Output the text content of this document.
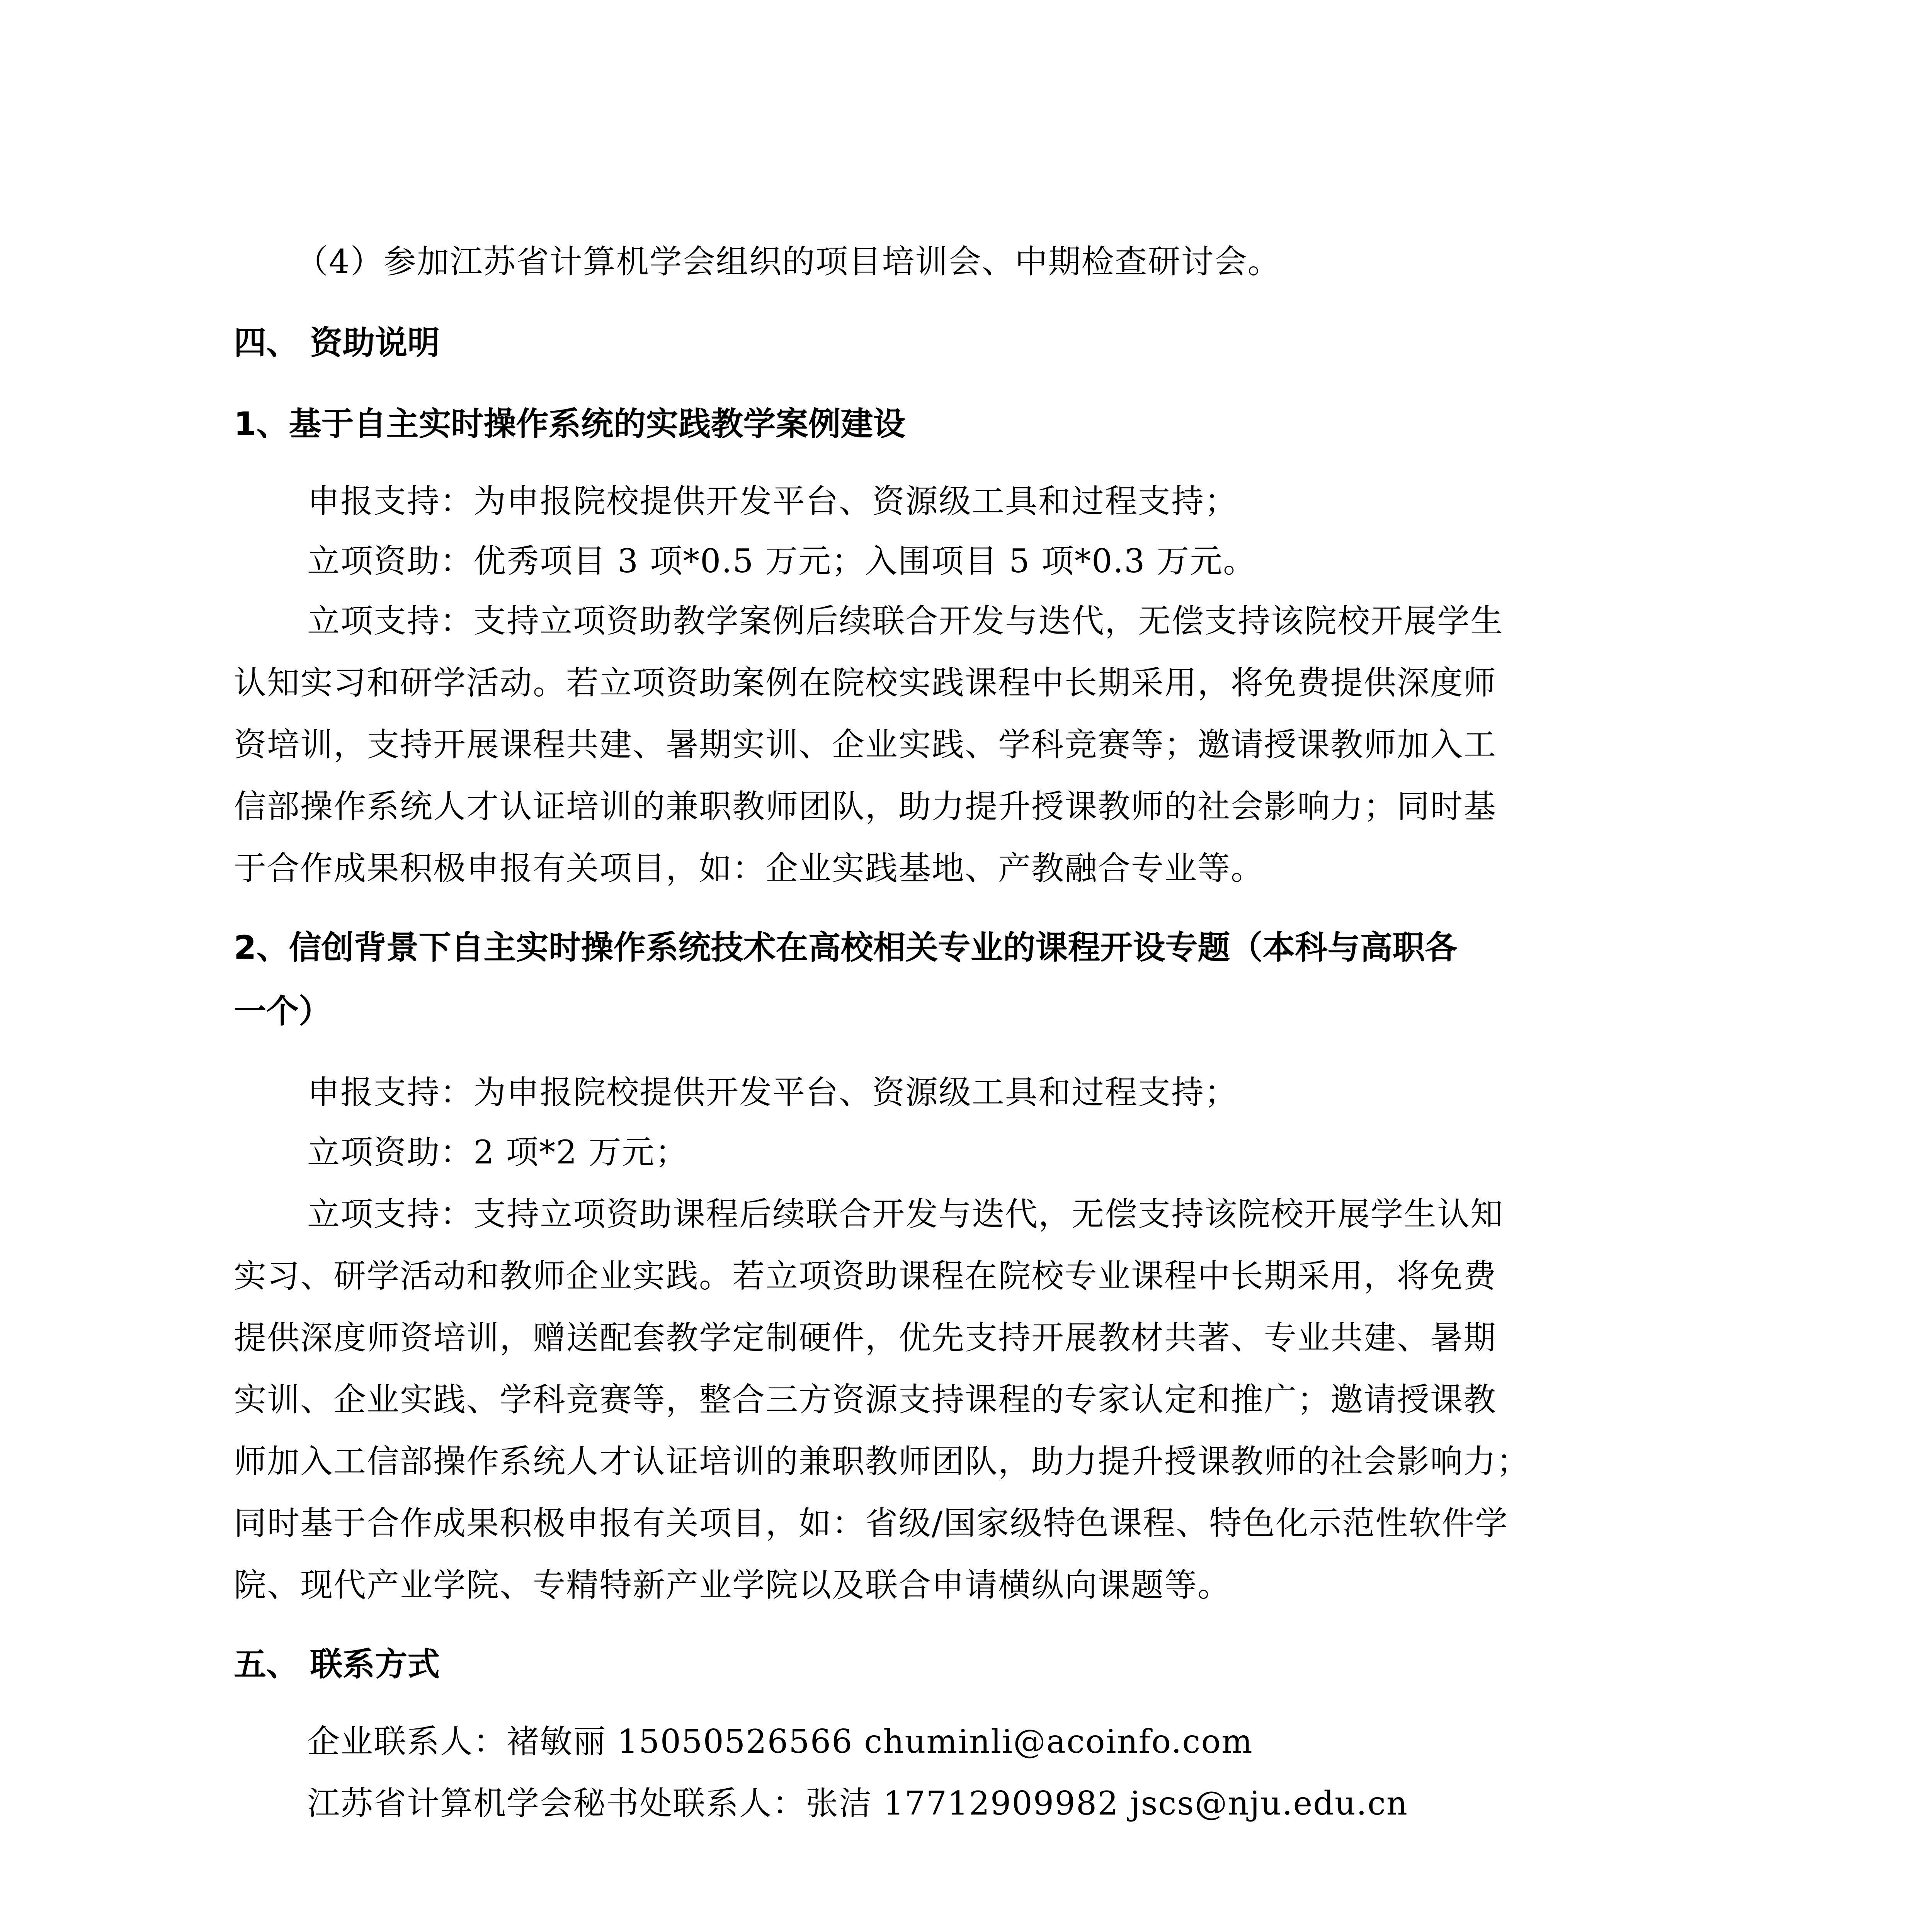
（4）参加江苏省计算机学会组织的项目培训会、中期检查研讨会。
四、 资助说明
1、基于自主实时操作系统的实践教学案例建设
申报支持：为申报院校提供开发平台、资源级工具和过程支持；
立项资助：优秀项目 3 项*0.5 万元；入围项目 5 项*0.3 万元。
立项支持：支持立项资助教学案例后续联合开发与迭代，无偿支持该院校开展学生
认知实习和研学活动。若立项资助案例在院校实践课程中长期采用，将免费提供深度师
资培训，支持开展课程共建、暑期实训、企业实践、学科竞赛等；邀请授课教师加入工
信部操作系统人才认证培训的兼职教师团队，助力提升授课教师的社会影响力；同时基
于合作成果积极申报有关项目，如：企业实践基地、产教融合专业等。
2、信创背景下自主实时操作系统技术在高校相关专业的课程开设专题（本科与高职各
一个）
申报支持：为申报院校提供开发平台、资源级工具和过程支持；
立项资助：2 项*2 万元；
立项支持：支持立项资助课程后续联合开发与迭代，无偿支持该院校开展学生认知
实习、研学活动和教师企业实践。若立项资助课程在院校专业课程中长期采用，将免费
提供深度师资培训，赠送配套教学定制硬件，优先支持开展教材共著、专业共建、暑期
实训、企业实践、学科竞赛等，整合三方资源支持课程的专家认定和推广；邀请授课教
师加入工信部操作系统人才认证培训的兼职教师团队，助力提升授课教师的社会影响力；
同时基于合作成果积极申报有关项目，如：省级/国家级特色课程、特色化示范性软件学
院、现代产业学院、专精特新产业学院以及联合申请横纵向课题等。
五、 联系方式
企业联系人：褚敏丽 15050526566 chuminli@acoinfo.com
江苏省计算机学会秘书处联系人：张洁 17712909982 jscs@nju.edu.cn
